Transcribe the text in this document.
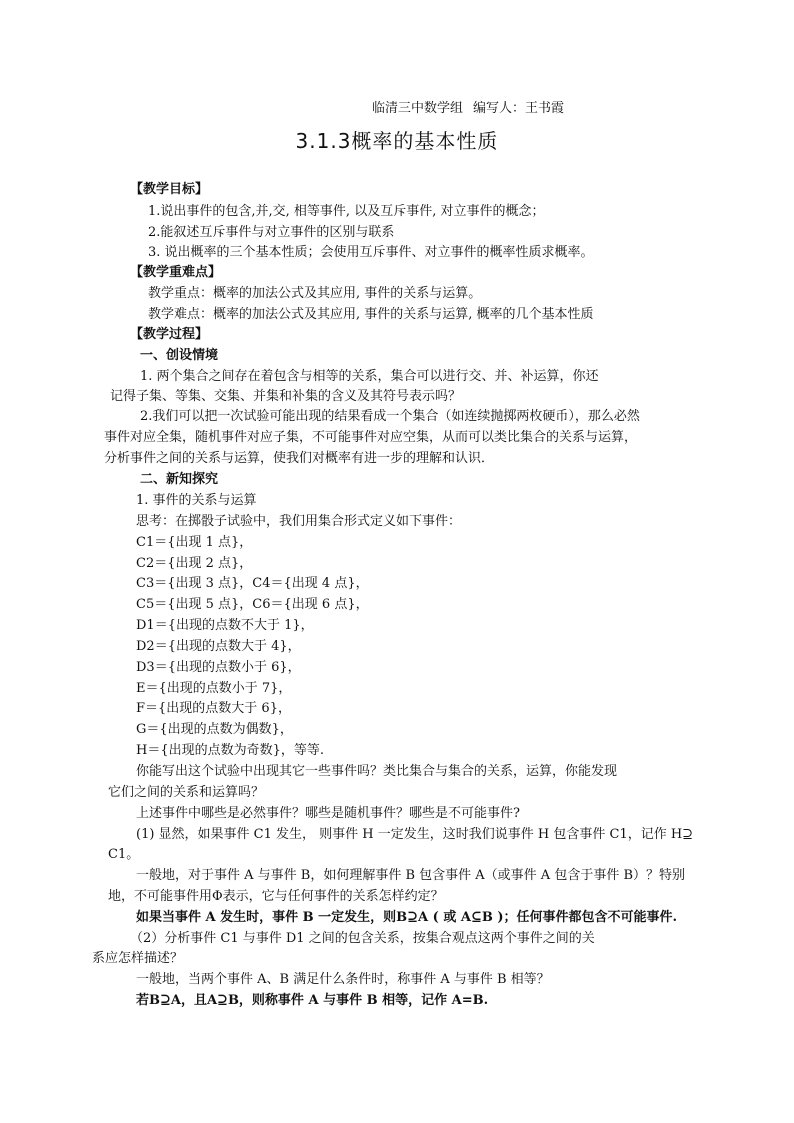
临清三中数学组 编写人：王书霞
3.1.3概率的基本性质
【教学目标】
1.说出事件的包含,并,交, 相等事件, 以及互斥事件, 对立事件的概念；
2.能叙述互斥事件与对立事件的区别与联系
3. 说出概率的三个基本性质；会使用互斥事件、对立事件的概率性质求概率。
【教学重难点】
教学重点：概率的加法公式及其应用, 事件的关系与运算。
教学难点：概率的加法公式及其应用, 事件的关系与运算, 概率的几个基本性质
【教学过程】
一、创设情境
1. 两个集合之间存在着包含与相等的关系，集合可以进行交、并、补运算，你还
记得子集、等集、交集、并集和补集的含义及其符号表示吗？
2.我们可以把一次试验可能出现的结果看成一个集合（如连续抛掷两枚硬币），那么必然
事件对应全集，随机事件对应子集，不可能事件对应空集，从而可以类比集合的关系与运算，
分析事件之间的关系与运算，使我们对概率有进一步的理解和认识．
二、新知探究
1. 事件的关系与运算
思考：在掷骰子试验中，我们用集合形式定义如下事件：
C1＝{出现 1 点}，
C2＝{出现 2 点}，
C3＝{出现 3 点}，C4＝{出现 4 点}，
C5＝{出现 5 点}，C6＝{出现 6 点}，
D1＝{出现的点数不大于 1}，
D2＝{出现的点数大于 4}，
D3＝{出现的点数小于 6}，
E＝{出现的点数小于 7}，
F＝{出现的点数大于 6}，
G＝{出现的点数为偶数}，
H＝{出现的点数为奇数}，等等.
你能写出这个试验中出现其它一些事件吗？类比集合与集合的关系，运算，你能发现
它们之间的关系和运算吗？
上述事件中哪些是必然事件？哪些是随机事件？哪些是不可能事件?
(1) 显然，如果事件 C1 发生， 则事件 H 一定发生，这时我们说事件 H 包含事件 C1，记作 H⊇
C1。
一般地，对于事件 A 与事件 B，如何理解事件 B 包含事件 A（或事件 A 包含于事件 B）？特别
地，不可能事件用Φ表示，它与任何事件的关系怎样约定？
如果当事件 A 发生时，事件 B 一定发生，则B⊇A ( 或 A⊆B )；任何事件都包含不可能事件.
（2）分析事件 C1 与事件 D1 之间的包含关系，按集合观点这两个事件之间的关
系应怎样描述？
一般地，当两个事件 A、B 满足什么条件时，称事件 A 与事件 B 相等？
若B⊇A，且A⊇B，则称事件 A 与事件 B 相等，记作 A=B.
